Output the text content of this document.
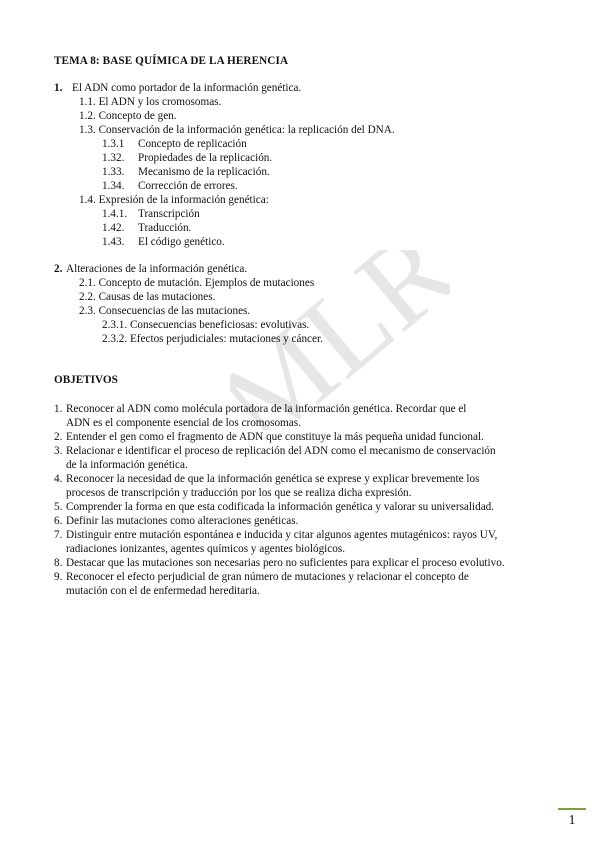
MLR
TEMA 8: BASE QUÍMICA DE LA HERENCIA
1. El ADN como portador de la información genética.
1.1. El ADN y los cromosomas.
1.2. Concepto de gen.
1.3. Conservación de la información genética: la replicación del DNA.
1.3.1 Concepto de replicación
1.32. Propiedades de la replicación.
1.33. Mecanismo de la replicación.
1.34. Corrección de errores.
1.4. Expresión de la información genética:
1.4.1. Transcripción
1.42. Traducción.
1.43. El código genético.
2. Alteraciones de la información genética.
2.1. Concepto de mutación. Ejemplos de mutaciones
2.2. Causas de las mutaciones.
2.3. Consecuencias de las mutaciones.
2.3.1. Consecuencias beneficiosas: evolutivas.
2.3.2. Efectos perjudiciales: mutaciones y cáncer.
OBJETIVOS
1. Reconocer al ADN como molécula portadora de la información genética. Recordar que el
ADN es el componente esencial de los cromosomas.
2. Entender el gen como el fragmento de ADN que constituye la más pequeña unidad funcional.
3. Relacionar e identificar el proceso de replicación del ADN como el mecanismo de conservación
de la información genética.
4. Reconocer la necesidad de que la información genética se exprese y explicar brevemente los
procesos de transcripción y traducción por los que se realiza dicha expresión.
5. Comprender la forma en que esta codificada la información genética y valorar su universalidad.
6. Definir las mutaciones como alteraciones genéticas.
7. Distinguir entre mutación espontánea e inducida y citar algunos agentes mutagénicos: rayos UV,
radiaciones ionizantes, agentes químicos y agentes biológicos.
8. Destacar que las mutaciones son necesarias pero no suficientes para explicar el proceso evolutivo.
9. Reconocer el efecto perjudicial de gran número de mutaciones y relacionar el concepto de
mutación con el de enfermedad hereditaria.
1
